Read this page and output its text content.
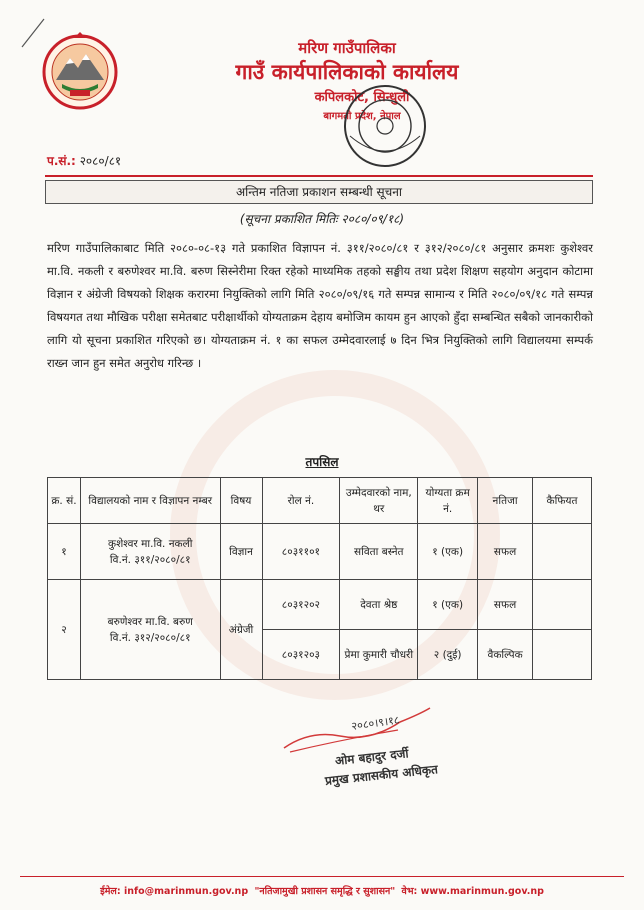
मरिण गाउँपालिका
गाउँ कार्यपालिकाको कार्यालय
कपिलकोट, सिन्धुली
बागमती प्रदेश, नेपाल
प.सं.: २०८०/८१
अन्तिम नतिजा प्रकाशन सम्बन्धी सूचना
(सूचना प्रकाशित मितिः २०८०/०९/१८)
मरिण गाउँपालिकाबाट मिति २०८०-०८-१३ गते प्रकाशित विज्ञापन नं. ३११/२०८०/८१ र ३१२/२०८०/८१ अनुसार क्रमशः कुशेश्वर मा.वि. नकली र बरुणेश्वर मा.वि. बरुण सिस्नेरीमा रिक्त रहेको माध्यमिक तहको सङ्घीय तथा प्रदेश शिक्षण सहयोग अनुदान कोटामा विज्ञान र अंग्रेजी विषयको शिक्षक करारमा नियुक्तिको लागि मिति २०८०/०९/१६ गते सम्पन्न सामान्य र मिति २०८०/०९/१८ गते सम्पन्न विषयगत तथा मौखिक परीक्षा समेतबाट परीक्षार्थीको योग्यताक्रम देहाय बमोजिम कायम हुन आएको हुँदा सम्बन्धित सबैको जानकारीको लागि यो सूचना प्रकाशित गरिएको छ। योग्यताक्रम नं. १ का सफल उम्मेदवारलाई ७ दिन भित्र नियुक्तिको लागि विद्यालयमा सम्पर्क राख्न जान हुन समेत अनुरोध गरिन्छ ।
तपसिल
क्र. सं.	विद्यालयको नाम र विज्ञापन नम्बर	विषय	रोल नं.	उम्मेदवारको नाम, थर	योग्यता क्रम नं.	नतिजा	कैफियत
१	कुशेश्वर मा.वि. नकली
वि.नं. ३११/२०८०/८१	विज्ञान	८०३११०१	सविता बस्नेत	१ (एक)	सफल	
२	बरुणेश्वर मा.वि. बरुण
वि.नं. ३१२/२०८०/८१	अंग्रेजी	८०३१२०२	देवता श्रेष्ठ	१ (एक)	सफल	
			८०३१२०३	प्रेमा कुमारी चौधरी	२ (दुई)	वैकल्पिक	
२०८०।९।१८
ओम बहादुर दर्जी
प्रमुख प्रशासकीय अधिकृत
ईमेल: info@marinmun.gov.np "नतिजामुखी प्रशासन समृद्धि र सुशासन" वेभ: www.marinmun.gov.np
